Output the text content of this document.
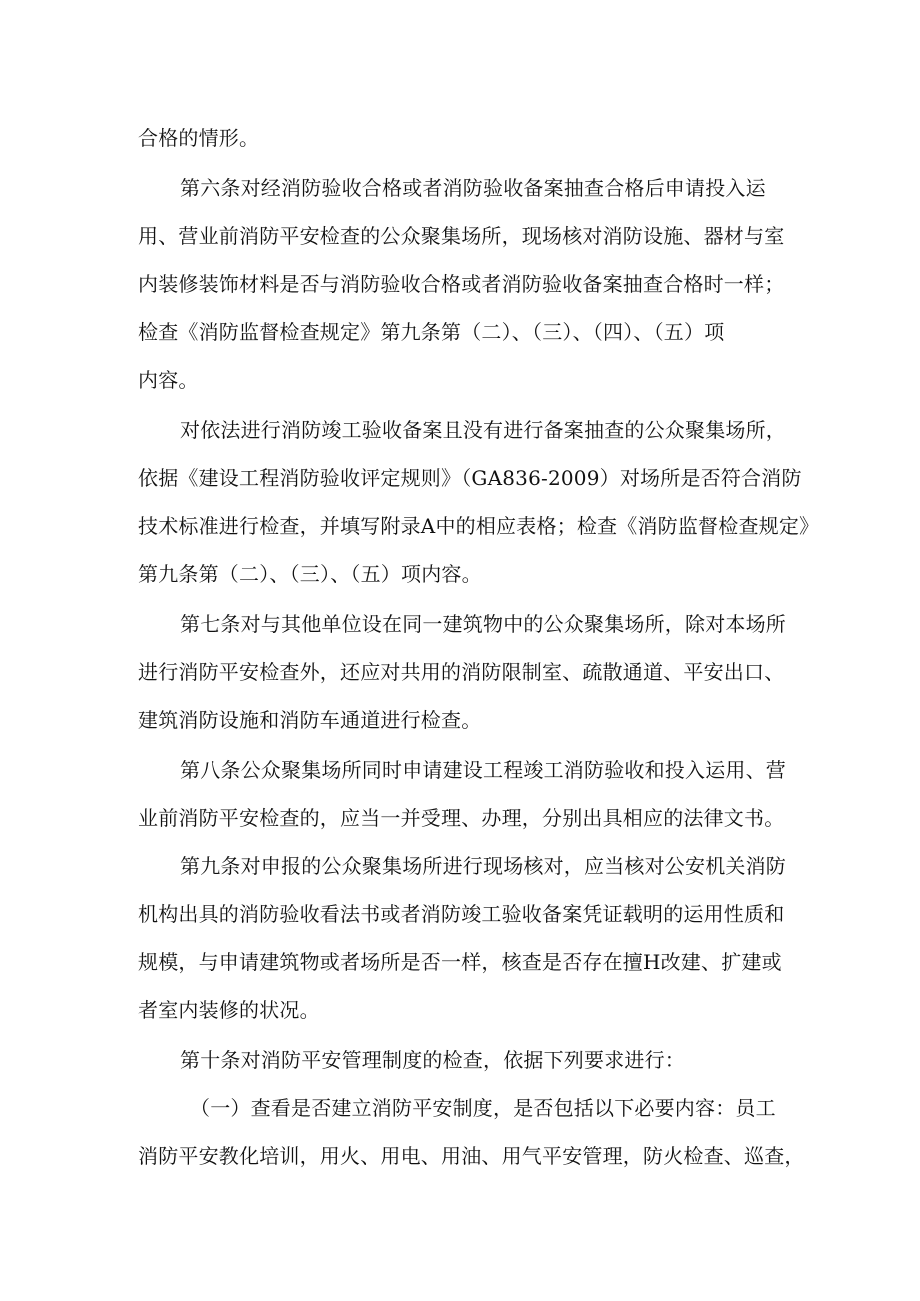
合格的情形。
第六条对经消防验收合格或者消防验收备案抽查合格后申请投入运
用、营业前消防平安检查的公众聚集场所，现场核对消防设施、器材与室
内装修装饰材料是否与消防验收合格或者消防验收备案抽查合格时一样；
检查《消防监督检查规定》第九条第（二）、（三）、（四）、（五）项
内容。
对依法进行消防竣工验收备案且没有进行备案抽查的公众聚集场所，
依据《建设工程消防验收评定规则》（GA836-2009）对场所是否符合消防
技术标准进行检查，并填写附录A中的相应表格；检查《消防监督检查规定》
第九条第（二）、（三）、（五）项内容。
第七条对与其他单位设在同一建筑物中的公众聚集场所，除对本场所
进行消防平安检查外，还应对共用的消防限制室、疏散通道、平安出口、
建筑消防设施和消防车通道进行检查。
第八条公众聚集场所同时申请建设工程竣工消防验收和投入运用、营
业前消防平安检查的，应当一并受理、办理，分别出具相应的法律文书。
第九条对申报的公众聚集场所进行现场核对，应当核对公安机关消防
机构出具的消防验收看法书或者消防竣工验收备案凭证载明的运用性质和
规模，与申请建筑物或者场所是否一样，核查是否存在擅H改建、扩建或
者室内装修的状况。
第十条对消防平安管理制度的检查，依据下列要求进行：
（一）查看是否建立消防平安制度，是否包括以下必要内容：员工
消防平安教化培训，用火、用电、用油、用气平安管理，防火检查、巡查，
